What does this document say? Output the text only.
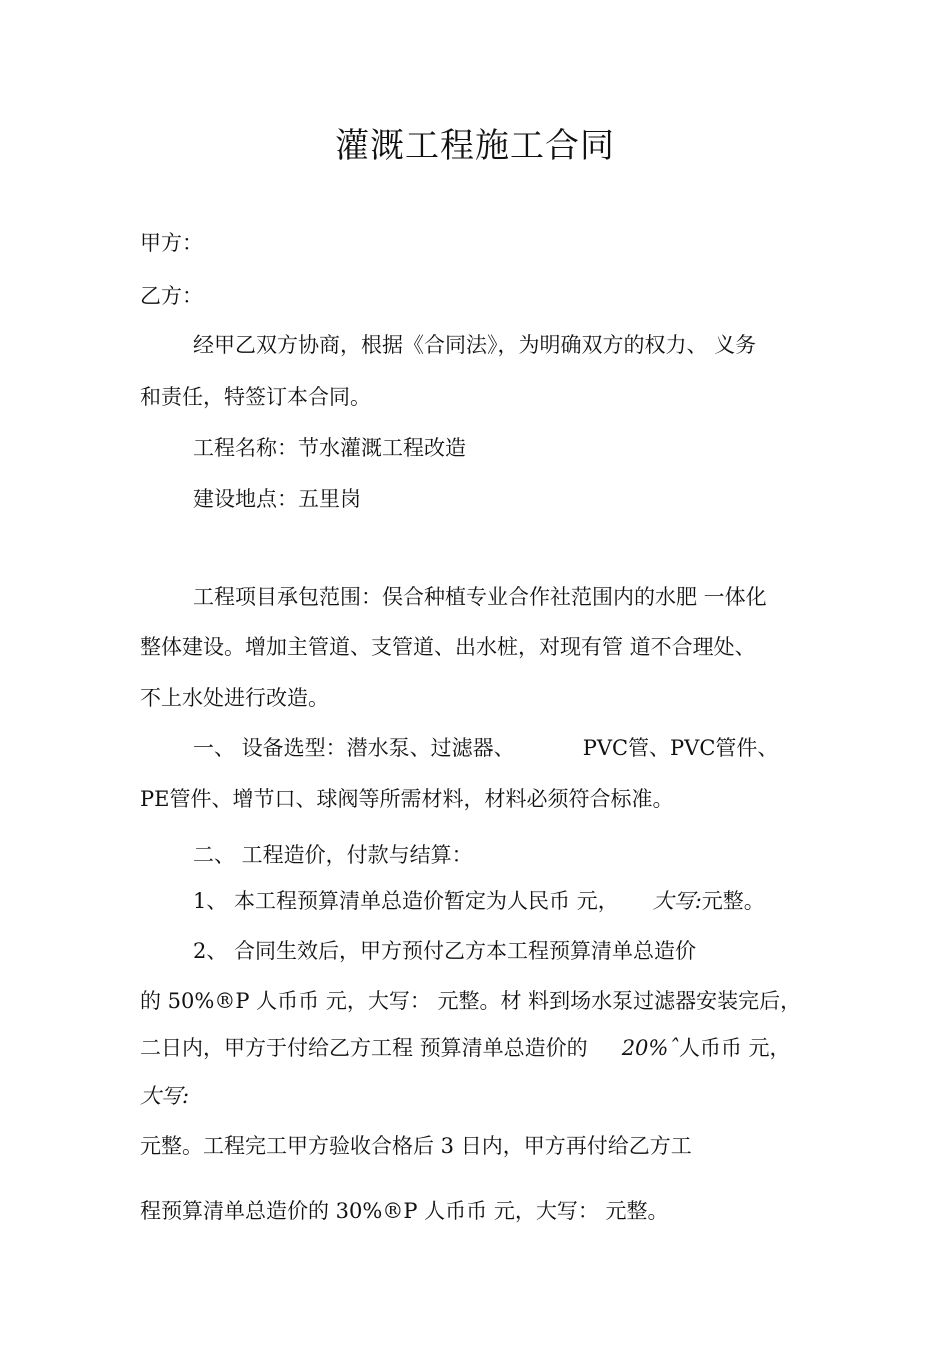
灌溉工程施工合同
甲方：
乙方：
经甲乙双方协商，根据《合同法》，为明确双方的权力、 义务
和责任，特签订本合同。
工程名称：节水灌溉工程改造
建设地点：五里岗
工程项目承包范围：俣合种植专业合作社范围内的水肥 一体化
整体建设。增加主管道、支管道、出水桩，对现有管 道不合理处、
不上水处进行改造。
一、 设备选型：潜水泵、过滤器、	PVC管、PVC管件、
PE管件、增节口、球阀等所需材料，材料必须符合标准。
二、 工程造价，付款与结算：
1、 本工程预算清单总造价暂定为人民币 元， 大写:元整。
2、 合同生效后，甲方预付乙方本工程预算清单总造价
的 50%®P 人币币 元，大写： 元整。材 料到场水泵过滤器安装完后，
二日内，甲方于付给乙方工程 预算清单总造价的 20%ˆ人币币 元，
大写:
元整。工程完工甲方验收合格后 3 日内，甲方再付给乙方工
程预算清单总造价的 30%®P 人币币 元，大写： 元整。
